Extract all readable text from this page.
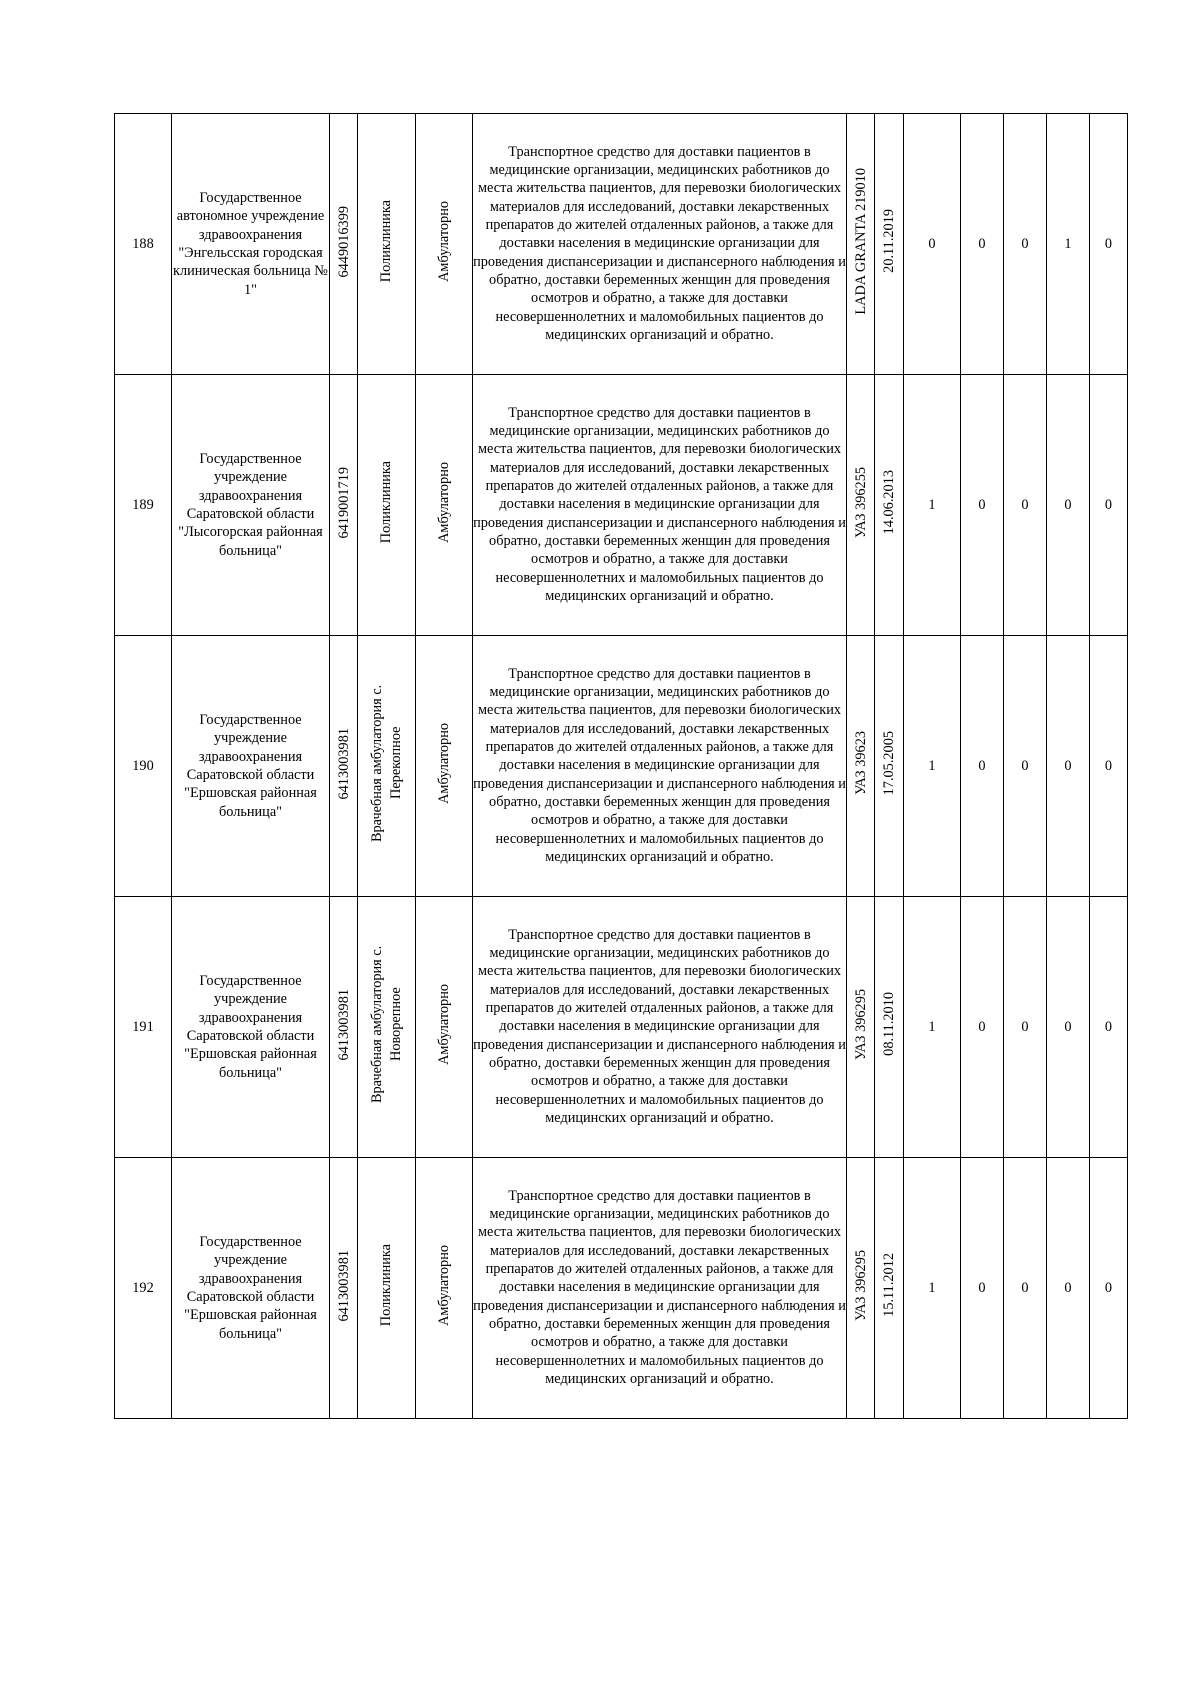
188	Государственное автономное учреждение здравоохранения "Энгельсская городская клиническая больница № 1"	6449016399	Поликлиника	Амбулаторно	Транспортное средство для доставки пациентов в медицинские организации, медицинских работников до места жительства пациентов, для перевозки биологических материалов для исследований, доставки лекарственных препаратов до жителей отдаленных районов, а также для доставки населения в медицинские организации для проведения диспансеризации и диспансерного наблюдения и обратно, доставки беременных женщин для проведения осмотров и обратно, а также для доставки несовершеннолетних и маломобильных пациентов до медицинских организаций и обратно.	LADA GRANTA 219010	20.11.2019	0	0	0	1	0
189	Государственное учреждение здравоохранения Саратовской области "Лысогорская районная больница"	6419001719	Поликлиника	Амбулаторно	Транспортное средство для доставки пациентов в медицинские организации, медицинских работников до места жительства пациентов, для перевозки биологических материалов для исследований, доставки лекарственных препаратов до жителей отдаленных районов, а также для доставки населения в медицинские организации для проведения диспансеризации и диспансерного наблюдения и обратно, доставки беременных женщин для проведения осмотров и обратно, а также для доставки несовершеннолетних и маломобильных пациентов до медицинских организаций и обратно.	УАЗ 396255	14.06.2013	1	0	0	0	0
190	Государственное учреждение здравоохранения Саратовской области "Ершовская районная больница"	6413003981	Врачебная амбулатория с. Перекопное	Амбулаторно	Транспортное средство для доставки пациентов в медицинские организации, медицинских работников до места жительства пациентов, для перевозки биологических материалов для исследований, доставки лекарственных препаратов до жителей отдаленных районов, а также для доставки населения в медицинские организации для проведения диспансеризации и диспансерного наблюдения и обратно, доставки беременных женщин для проведения осмотров и обратно, а также для доставки несовершеннолетних и маломобильных пациентов до медицинских организаций и обратно.	УАЗ 39623	17.05.2005	1	0	0	0	0
191	Государственное учреждение здравоохранения Саратовской области "Ершовская районная больница"	6413003981	Врачебная амбулатория с. Новорепное	Амбулаторно	Транспортное средство для доставки пациентов в медицинские организации, медицинских работников до места жительства пациентов, для перевозки биологических материалов для исследований, доставки лекарственных препаратов до жителей отдаленных районов, а также для доставки населения в медицинские организации для проведения диспансеризации и диспансерного наблюдения и обратно, доставки беременных женщин для проведения осмотров и обратно, а также для доставки несовершеннолетних и маломобильных пациентов до медицинских организаций и обратно.	УАЗ 396295	08.11.2010	1	0	0	0	0
192	Государственное учреждение здравоохранения Саратовской области "Ершовская районная больница"	6413003981	Поликлиника	Амбулаторно	Транспортное средство для доставки пациентов в медицинские организации, медицинских работников до места жительства пациентов, для перевозки биологических материалов для исследований, доставки лекарственных препаратов до жителей отдаленных районов, а также для доставки населения в медицинские организации для проведения диспансеризации и диспансерного наблюдения и обратно, доставки беременных женщин для проведения осмотров и обратно, а также для доставки несовершеннолетних и маломобильных пациентов до медицинских организаций и обратно.	УАЗ 396295	15.11.2012	1	0	0	0	0
